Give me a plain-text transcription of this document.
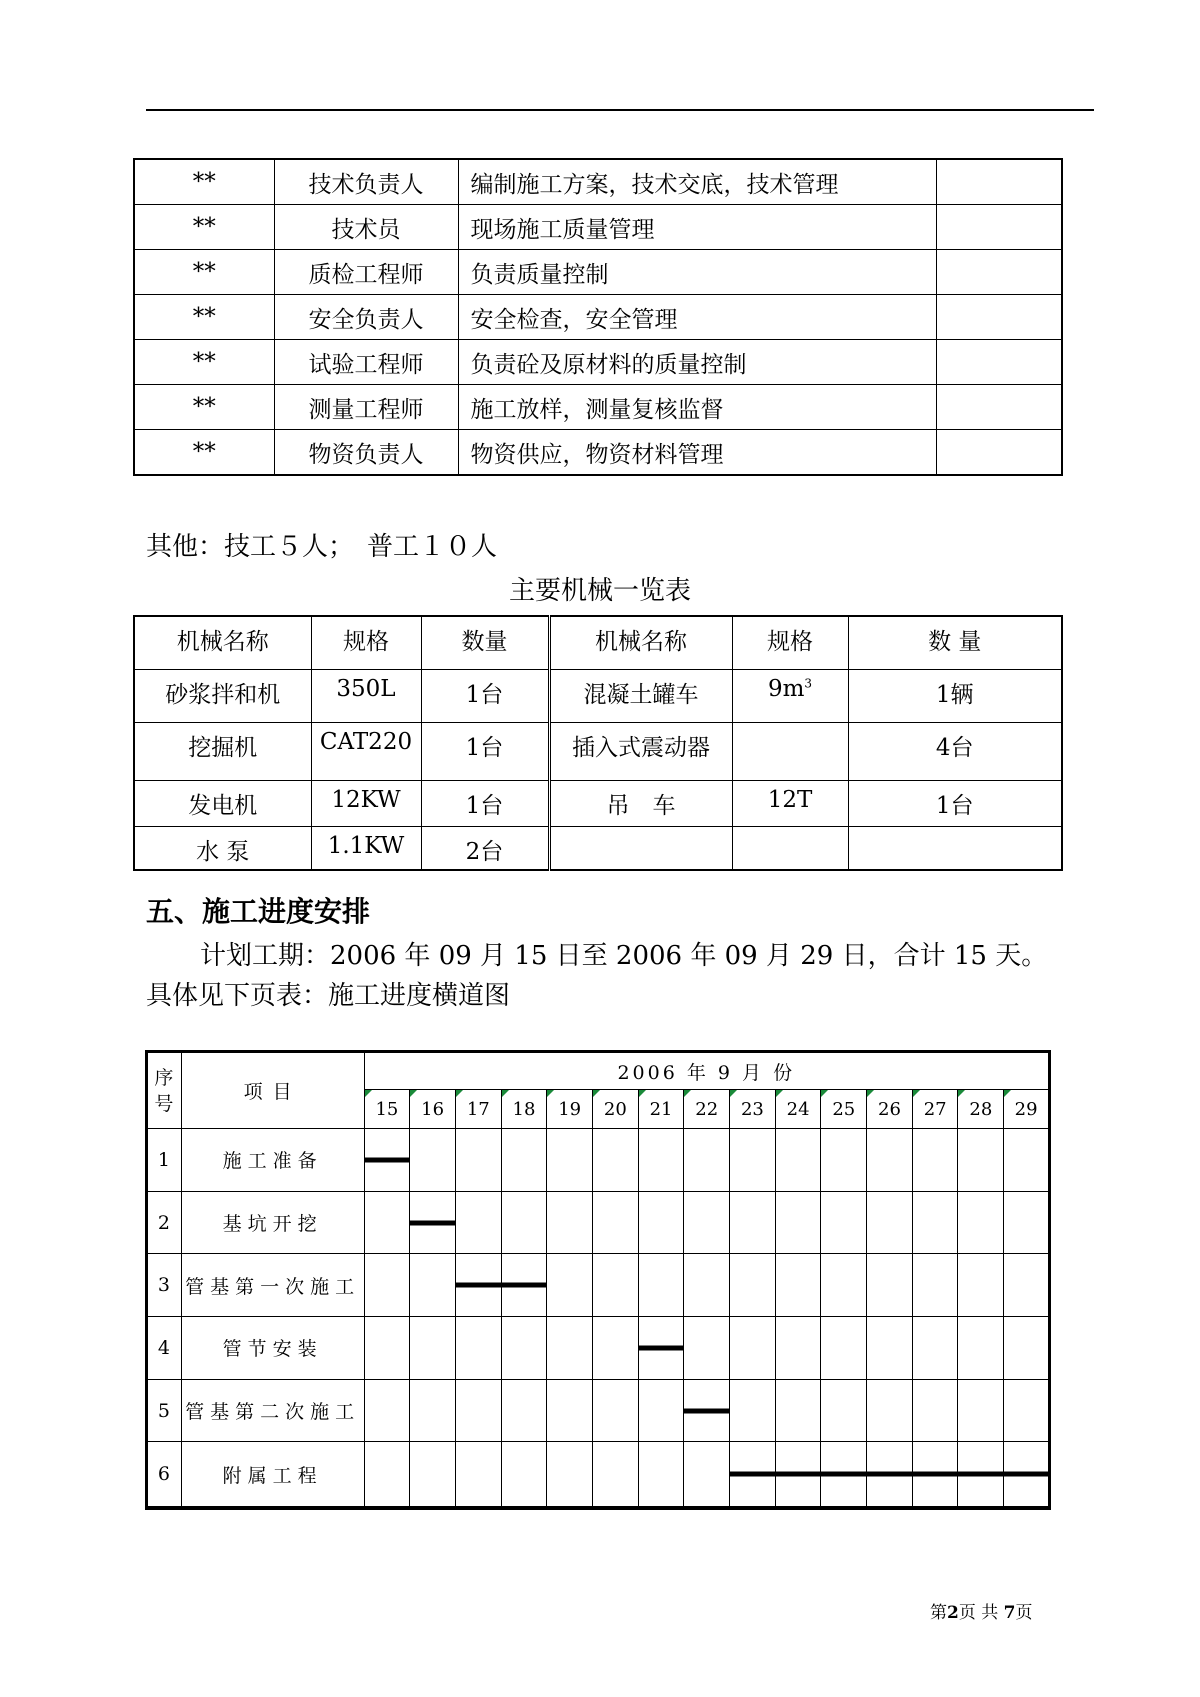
**	技术负责人	编制施工方案，技术交底，技术管理	
**	技术员	现场施工质量管理	
**	质检工程师	负责质量控制	
**	安全负责人	安全检查，安全管理	
**	试验工程师	负责砼及原材料的质量控制	
**	测量工程师	施工放样，测量复核监督	
**	物资负责人	物资供应，物资材料管理	
其他：技工５人；　普工１０人
主要机械一览表
机械名称	规格	数量	机械名称	规格	数 量
砂浆拌和机	350L	1台	混凝土罐车	$9m^3$	1辆
挖掘机	CAT220	1台	插入式震动器		4台
发电机	12KW	1台	吊　车	12T	1台
水 泵	1.1KW	2台			
五、施工进度安排
计划工期：2006 年 09 月 15 日至 2006 年 09 月 29 日，合计 15 天。
具体见下页表：施工进度横道图
序号	项目	2006 年 9 月 份														

15	16	17	18	19	20	21	22	23	24	25	26	27	28	29
1	施工准备	

2	基坑开挖		

3	管基第一次施工			

4	管节安装							

5	管基第二次施工								

6	附属工程									

第2页 共 7页
